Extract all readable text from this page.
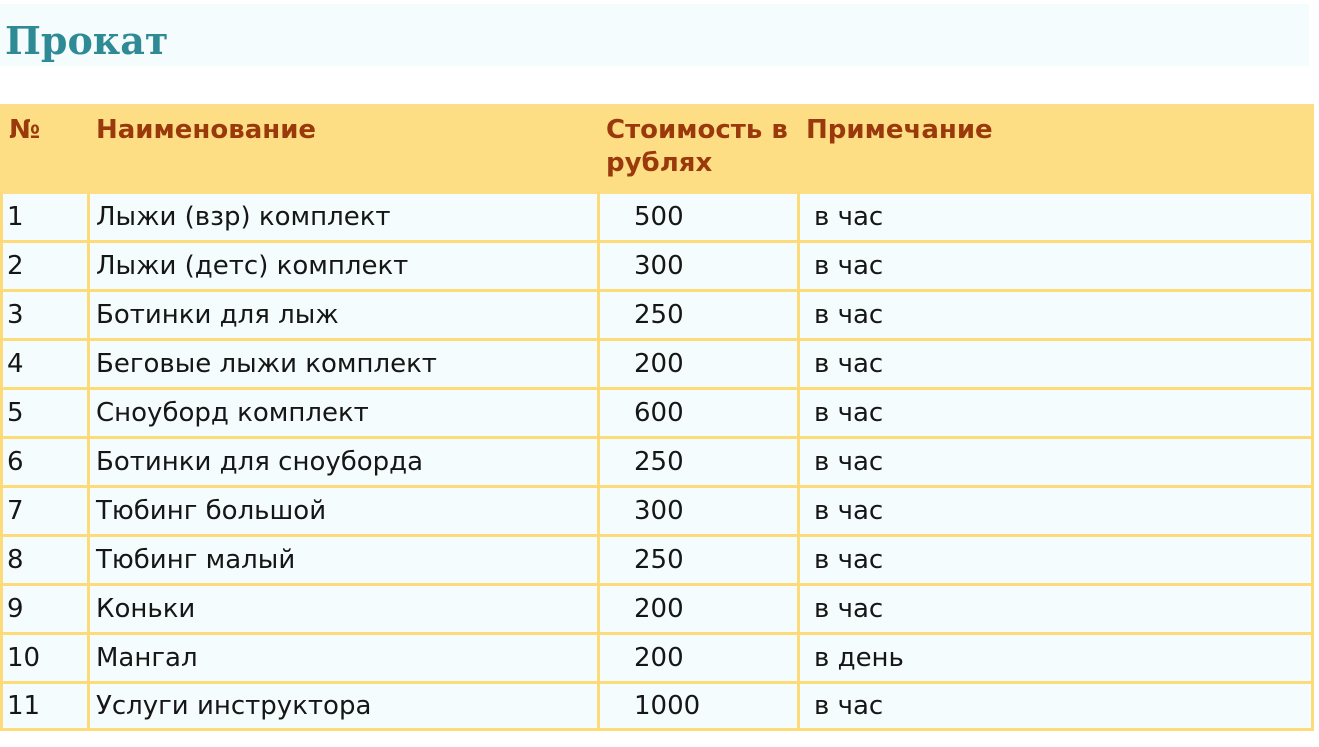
Прокат
№	Наименование	Стоимость в рублях	Примечание
1	Лыжи (взр) комплект	500	в час
2	Лыжи (детс) комплект	300	в час
3	Ботинки для лыж	250	в час
4	Беговые лыжи комплект	200	в час
5	Сноуборд комплект	600	в час
6	Ботинки для сноуборда	250	в час
7	Тюбинг большой	300	в час
8	Тюбинг малый	250	в час
9	Коньки	200	в час
10	Мангал	200	в день
11	Услуги инструктора	1000	в час
